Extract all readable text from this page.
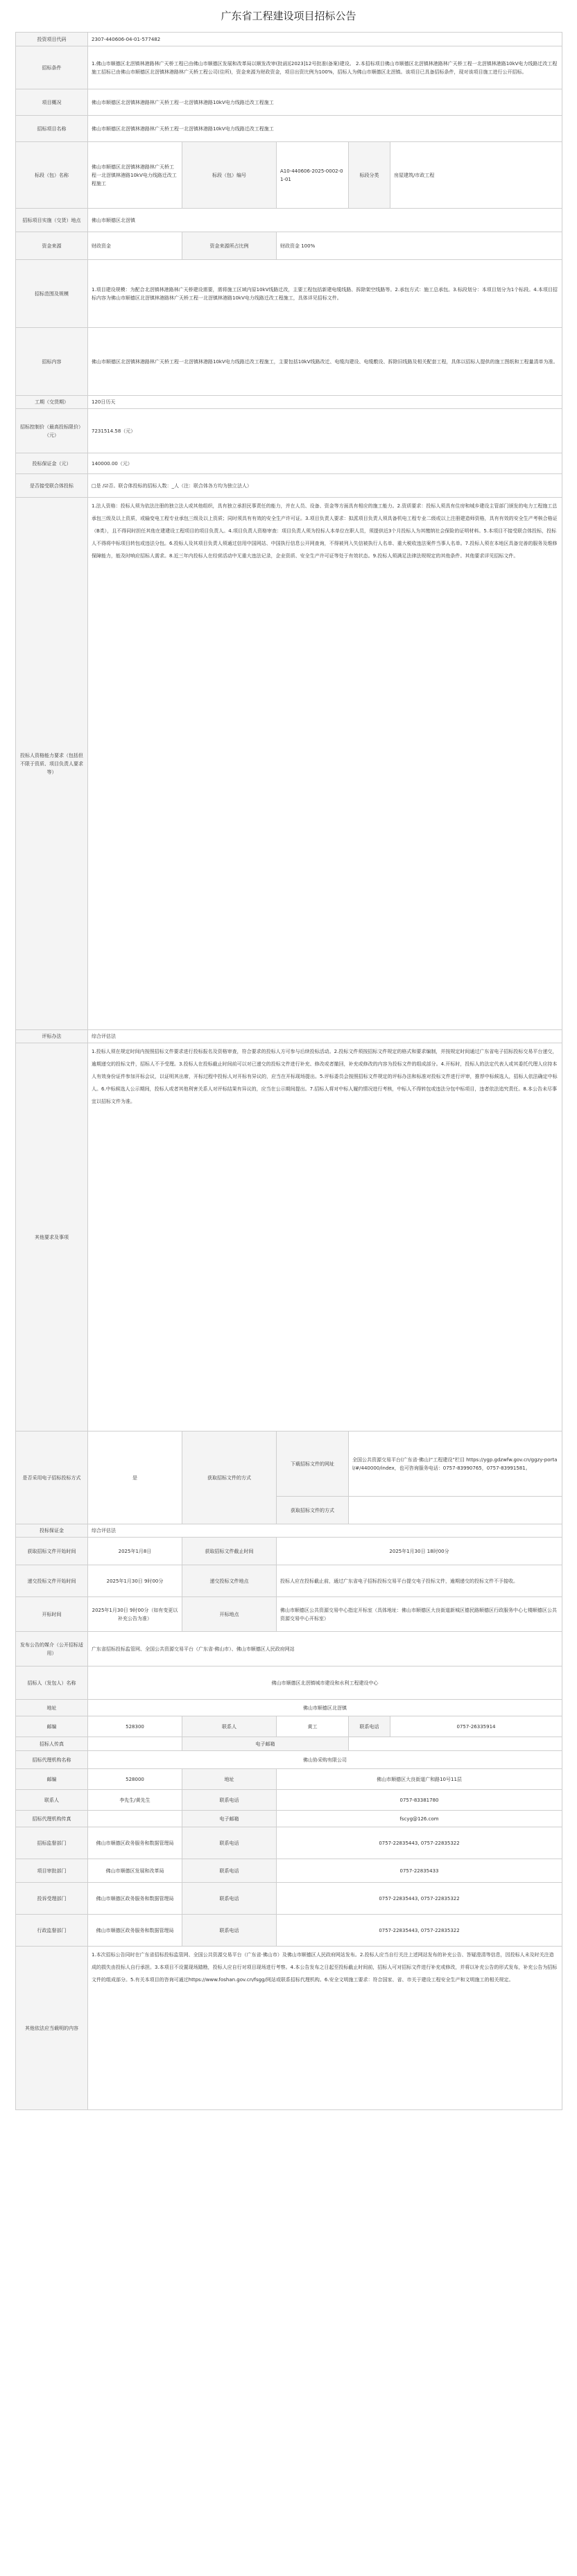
广东省工程建设项目招标公告
投资项目代码	2307-440606-04-01-577482				
招标条件	1.佛山市顺德区北滘镇林港路林广天桥工程已由佛山市顺德区发展和改革局以顺发改审(批函)[2023]12号批准(备案)建设。 2.本招标项目佛山市顺德区北滘镇林港路林广天桥工程一北滘镇林港路10kV电力线路迁改工程施工招标已由佛山市顺德区北滘镇林港路林广天桥工程公司(住所)，资金来源为财政资金，项目出资比例为100%，招标人为佛山市顺德区北滘镇。该项目已具备招标条件，现对该项目施工进行公开招标。				
项目概况	佛山市顺德区北滘镇林港路林广天桥工程一北滘镇林港路10kV电力线路迁改工程施工				
招标项目名称	佛山市顺德区北滘镇林港路林广天桥工程一北滘镇林港路10kV电力线路迁改工程施工				
标段（包）名称	佛山市顺德区北滘镇林港路林广天桥工程一北滘镇林港路10kV电力线路迁改工程施工	标段（包）编号	A10-440606-2025-0002-01-01	标段分类	房屋建筑/市政工程
招标项目实施（交货）地点	佛山市顺德区北滘镇				
资金来源	财政资金	资金来源所占比例	财政资金 100%		
招标范围及规模	1.项目建设规模：为配合北滘镇林港路林广天桥建设需要，需将施工区域内原10kV线路迁改，主要工程包括新建电缆线路、拆除架空线路等。2.承包方式：施工总承包。3.标段划分：本项目划分为1个标段。4.本项目招标内容为佛山市顺德区北滘镇林港路林广天桥工程一北滘镇林港路10kV电力线路迁改工程施工，具体详见招标文件。				
招标内容	佛山市顺德区北滘镇林港路林广天桥工程一北滘镇林港路10kV电力线路迁改工程施工，主要包括10kV线路改迁、电缆沟建设、电缆敷设、拆除旧线路及相关配套工程，具体以招标人提供的施工图纸和工程量清单为准。				
工期（交货期）	120日历天				
招标控制价（最高投标限价）（元）	7231514.58（元）				
投标保证金（元）	140000.00（元）				
是否接受联合体投标	□是 /☑否。联合体投标的招标人数：_人（注：联合体各方均为独立法人）				
投标人资格能力要求（包括但不限于资质、项目负责人要求等）	1.法人资格：投标人须为依法注册的独立法人或其他组织，具有独立承担民事责任的能力，并在人员、设备、资金等方面具有相应的施工能力。2.资质要求：投标人须具有住房和城乡建设主管部门颁发的电力工程施工总承包三级及以上资质，或输变电工程专业承包三级及以上资质；同时须具有有效的安全生产许可证。3.项目负责人要求：拟派项目负责人须具备机电工程专业二级或以上注册建造师资格，具有有效的安全生产考核合格证（B类），且不得同时担任其他在建建设工程项目的项目负责人。4.项目负责人资格审查：项目负责人须为投标人本单位在职人员，须提供近3个月投标人为其缴纳社会保险的证明材料。5.本项目不接受联合体投标，投标人不得将中标项目转包或违法分包。6.投标人及其项目负责人须通过信用中国网站、中国执行信息公开网查询，不得被列入失信被执行人名单、重大税收违法案件当事人名单。7.投标人须在本地区具备完善的服务及维修保障能力，能及时响应招标人需求。8.近三年内投标人在经营活动中无重大违法记录，企业资质、安全生产许可证等处于有效状态。9.投标人须满足法律法规规定的其他条件。其他要求详见招标文件。				
评标办法	综合评估法				
其他要求及事项	1.投标人须在规定时间内按照招标文件要求进行投标报名及资格审查，符合要求的投标人方可参与后续投标活动。2.投标文件须按招标文件规定的格式和要求编制，并按规定时间通过广东省电子招标投标交易平台递交，逾期递交的投标文件，招标人不予受理。3.投标人在投标截止时间前可以对已递交的投标文件进行补充、修改或者撤回，补充或修改的内容为投标文件的组成部分。4.开标时，投标人的法定代表人或其委托代理人应持本人有效身份证件参加开标会议，以证明其出席，开标过程中投标人对开标有异议的，应当在开标现场提出。5.评标委员会按照招标文件规定的评标办法和标准对投标文件进行评审，推荐中标候选人，招标人依法确定中标人。6.中标候选人公示期间，投标人或者其他利害关系人对评标结果有异议的，应当在公示期间提出。7.招标人将对中标人履约情况进行考核，中标人不得转包或违法分包中标项目，违者依法追究责任。8.本公告未尽事宜以招标文件为准。				
是否采用电子招标投标方式	是	获取招标文件的方式	下载招标文件的网址	全国公共资源交易平台(广东省·佛山)“工程建设”栏目 https://ygp.gdzwfw.gov.cn/ggzy-portal/#/440000/index，也可咨询服务电话：0757-83990765，0757-83991581。	
			获取招标文件的方式		
投标保证金	综合评估法				
获取招标文件开始时间	2025年1月8日	获取招标文件截止时间	2025年1月30日 18时00分		
递交投标文件开始时间	2025年1月30日 9时00分	递交投标文件地点	投标人应在投标截止前，通过广东省电子招标投标交易平台提交电子投标文件，逾期递交的投标文件不予接收。		
开标时间	2025年1月30日 9时00分（如有变更以补充公告为准）	开标地点	佛山市顺德区公共资源交易中心指定开标室（具体地址：佛山市顺德区大良街道新城区德民路顺德区行政服务中心七楼顺德区公共资源交易中心开标室）		
发布公告的媒介（公开招标适用）	广东省招标投标监管网、全国公共资源交易平台（广东省·佛山市）、佛山市顺德区人民政府网站				
招标人（发包人）名称	佛山市顺德区北滘镇城市建设和水利工程建设中心				
地址	佛山市顺德区北滘镇				
邮编	528300	联系人	黄工	联系电话	0757-26335914
招标人传真		电子邮箱			
招标代理机构名称	佛山协采购有限公司				
邮编	528000	地址	佛山市顺德区大良街道广和路10号11层		
联系人	李先生/黄先生	联系电话	0757-83381780		
招标代理机构传真		电子邮箱	fscyg@126.com		
招标监督部门	佛山市顺德区政务服务和数据管理局	联系电话	0757-22835443, 0757-22835322		
项目审批部门	佛山市顺德区发展和改革局	联系电话	0757-22835433		
投诉受理部门	佛山市顺德区政务服务和数据管理局	联系电话	0757-22835443, 0757-22835322		
行政监督部门	佛山市顺德区政务服务和数据管理局	联系电话	0757-22835443, 0757-22835322		
其他依法应当载明的内容	1.本次招标公告同时在广东省招标投标监管网、全国公共资源交易平台（广东省·佛山市）及佛山市顺德区人民政府网站发布。2.投标人应当自行关注上述网站发布的补充公告、答疑澄清等信息，因投标人未及时关注造成的损失由投标人自行承担。3.本项目不设置现场踏勘，投标人应自行对项目现场进行考察。4.本公告发布之日起至投标截止时间前，招标人可对招标文件进行补充或修改，并将以补充公告的形式发布，补充公告为招标文件的组成部分。5.有关本项目的咨询可通过https://www.foshan.gov.cn/fsgg/网站或联系招标代理机构。6.安全文明施工要求：符合国家、省、市关于建设工程安全生产和文明施工的相关规定。				
